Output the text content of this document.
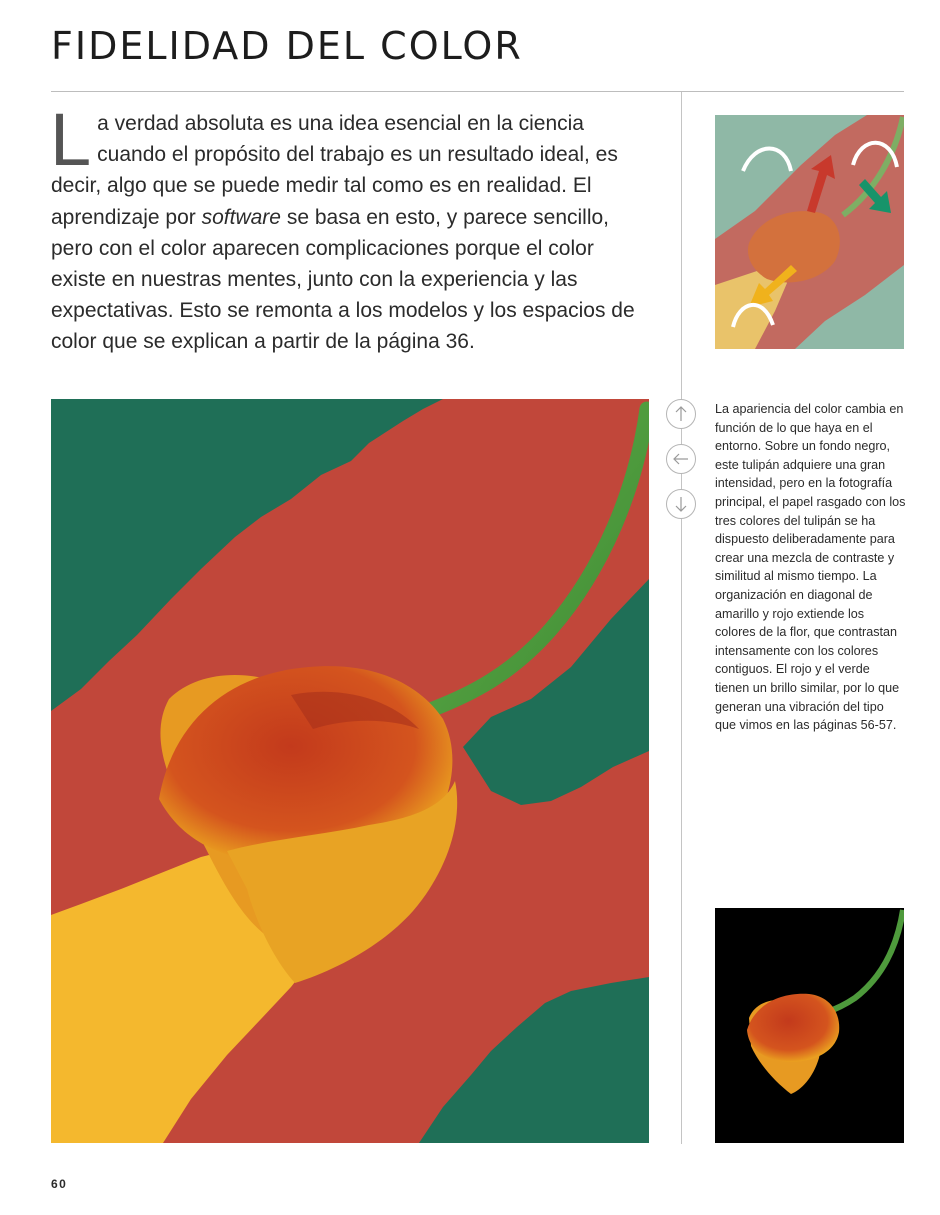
FIDELIDAD DEL COLOR

La verdad absoluta es una idea esencial en la ciencia cuando el propósito del trabajo es un resultado ideal, es decir, algo que se puede medir tal como es en realidad. El aprendizaje por software se basa en esto, y parece sencillo, pero con el color aparecen complicaciones porque el color existe en nuestras mentes, junto con la experiencia y las expectativas. Esto se remonta a los modelos y los espacios de color que se explican a partir de la página 36.

La apariencia del color cambia en función de lo que haya en el entorno. Sobre un fondo negro, este tulipán adquiere una gran intensidad, pero en la fotografía principal, el papel rasgado con los tres colores del tulipán se ha dispuesto deliberadamente para crear una mezcla de contraste y similitud al mismo tiempo. La organización en diagonal de amarillo y rojo extiende los colores de la flor, que contrastan intensamente con los colores contiguos. El rojo y el verde tienen un brillo similar, por lo que generan una vibración del tipo que vimos en las páginas 56-57.

60
